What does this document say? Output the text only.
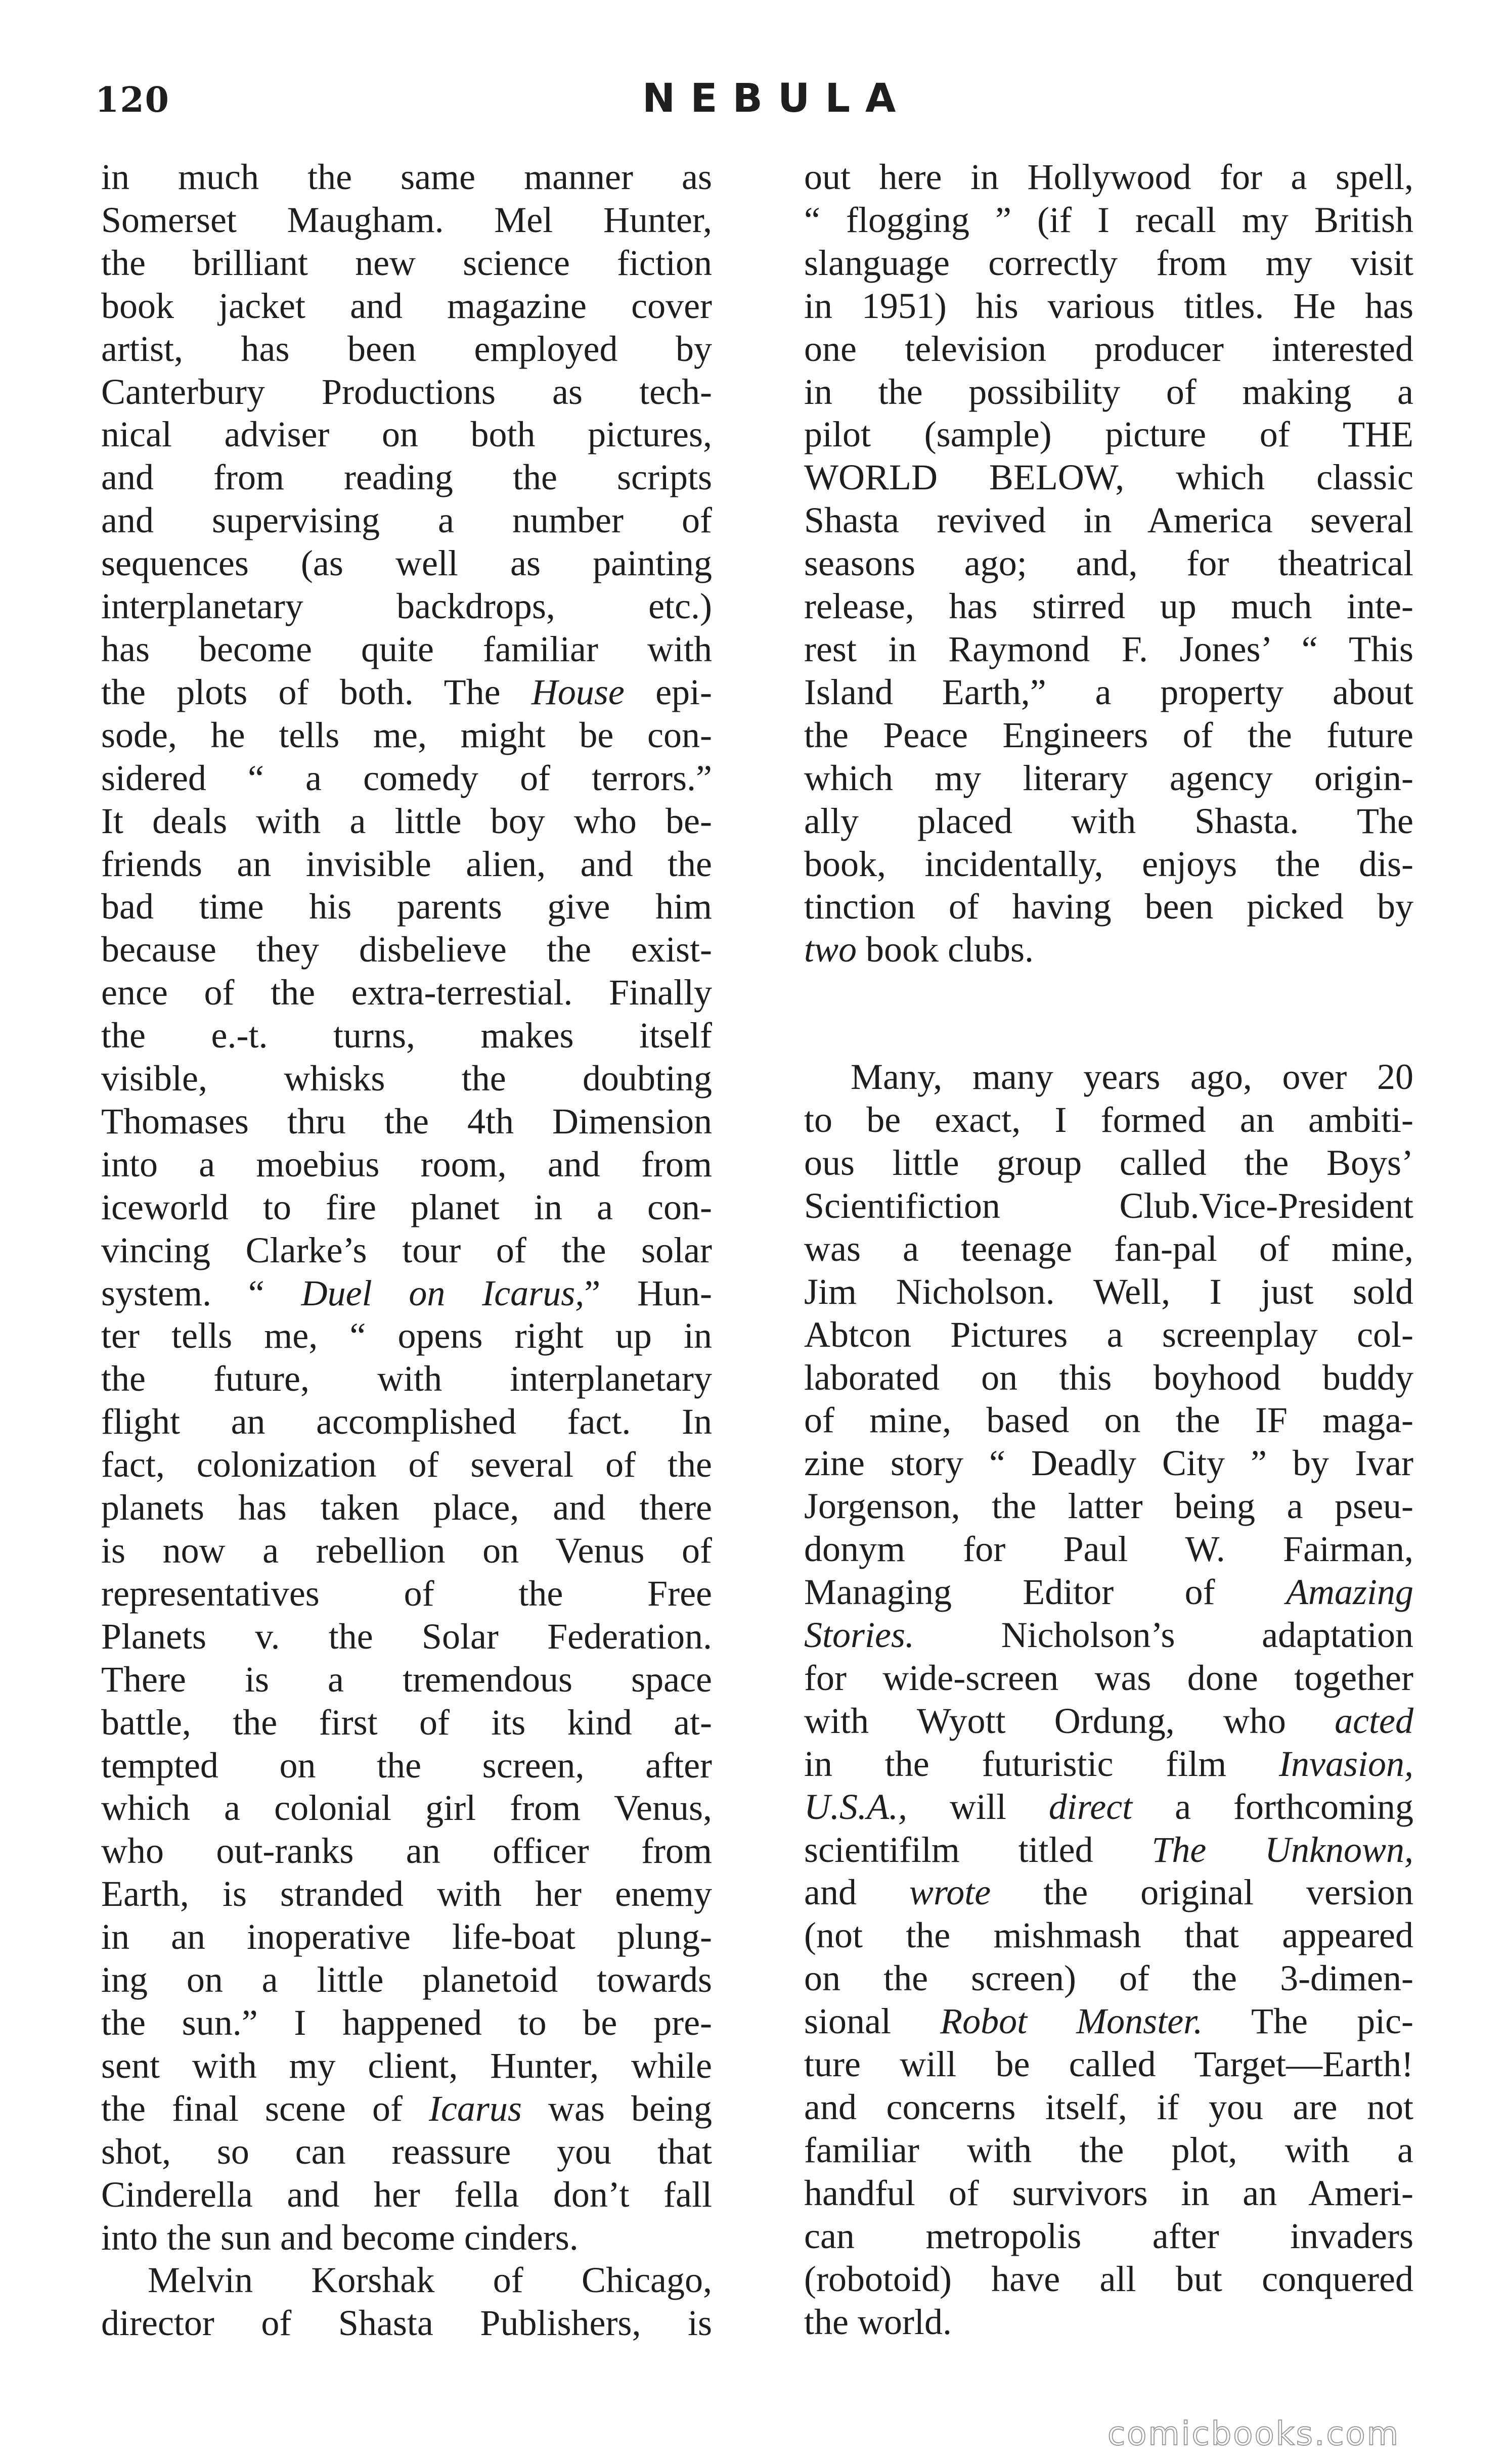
120	NEBULA

in much the same manner as
Somerset Maugham. Mel Hunter,
the brilliant new science fiction
book jacket and magazine cover
artist, has been employed by
Canterbury Productions as tech-
nical adviser on both pictures,
and from reading the scripts
and supervising a number of
sequences (as well as painting
interplanetary backdrops, etc.)
has become quite familiar with
the plots of both. The House epi-
sode, he tells me, might be con-
sidered “ a comedy of terrors.”
It deals with a little boy who be-
friends an invisible alien, and the
bad time his parents give him
because they disbelieve the exist-
ence of the extra-terrestial. Finally
the e.-t. turns, makes itself
visible, whisks the doubting
Thomases thru the 4th Dimension
into a moebius room, and from
iceworld to fire planet in a con-
vincing Clarke’s tour of the solar
system. “ Duel on Icarus,” Hun-
ter tells me, “ opens right up in
the future, with interplanetary
flight an accomplished fact. In
fact, colonization of several of the
planets has taken place, and there
is now a rebellion on Venus of
representatives of the Free
Planets v. the Solar Federation.
There is a tremendous space
battle, the first of its kind at-
tempted on the screen, after
which a colonial girl from Venus,
who out-ranks an officer from
Earth, is stranded with her enemy
in an inoperative life-boat plung-
ing on a little planetoid towards
the sun.” I happened to be pre-
sent with my client, Hunter, while
the final scene of Icarus was being
shot, so can reassure you that
Cinderella and her fella don’t fall
into the sun and become cinders.

Melvin Korshak of Chicago,
director of Shasta Publishers, is

out here in Hollywood for a spell,
“ flogging ” (if I recall my British
slanguage correctly from my visit
in 1951) his various titles. He has
one television producer interested
in the possibility of making a
pilot (sample) picture of THE
WORLD BELOW, which classic
Shasta revived in America several
seasons ago; and, for theatrical
release, has stirred up much inte-
rest in Raymond F. Jones’ “ This
Island Earth,” a property about
the Peace Engineers of the future
which my literary agency origin-
ally placed with Shasta. The
book, incidentally, enjoys the dis-
tinction of having been picked by
two book clubs.

Many, many years ago, over 20
to be exact, I formed an ambiti-
ous little group called the Boys’
Scientifiction Club.Vice-President
was a teenage fan-pal of mine,
Jim Nicholson. Well, I just sold
Abtcon Pictures a screenplay col-
laborated on this boyhood buddy
of mine, based on the IF maga-
zine story “ Deadly City ” by Ivar
Jorgenson, the latter being a pseu-
donym for Paul W. Fairman,
Managing Editor of Amazing
Stories. Nicholson’s adaptation
for wide-screen was done together
with Wyott Ordung, who acted
in the futuristic film Invasion,
U.S.A., will direct a forthcoming
scientifilm titled The Unknown,
and wrote the original version
(not the mishmash that appeared
on the screen) of the 3-dimen-
sional Robot Monster. The pic-
ture will be called Target—Earth!
and concerns itself, if you are not
familiar with the plot, with a
handful of survivors in an Ameri-
can metropolis after invaders
(robotoid) have all but conquered
the world.

comicbooks.com
